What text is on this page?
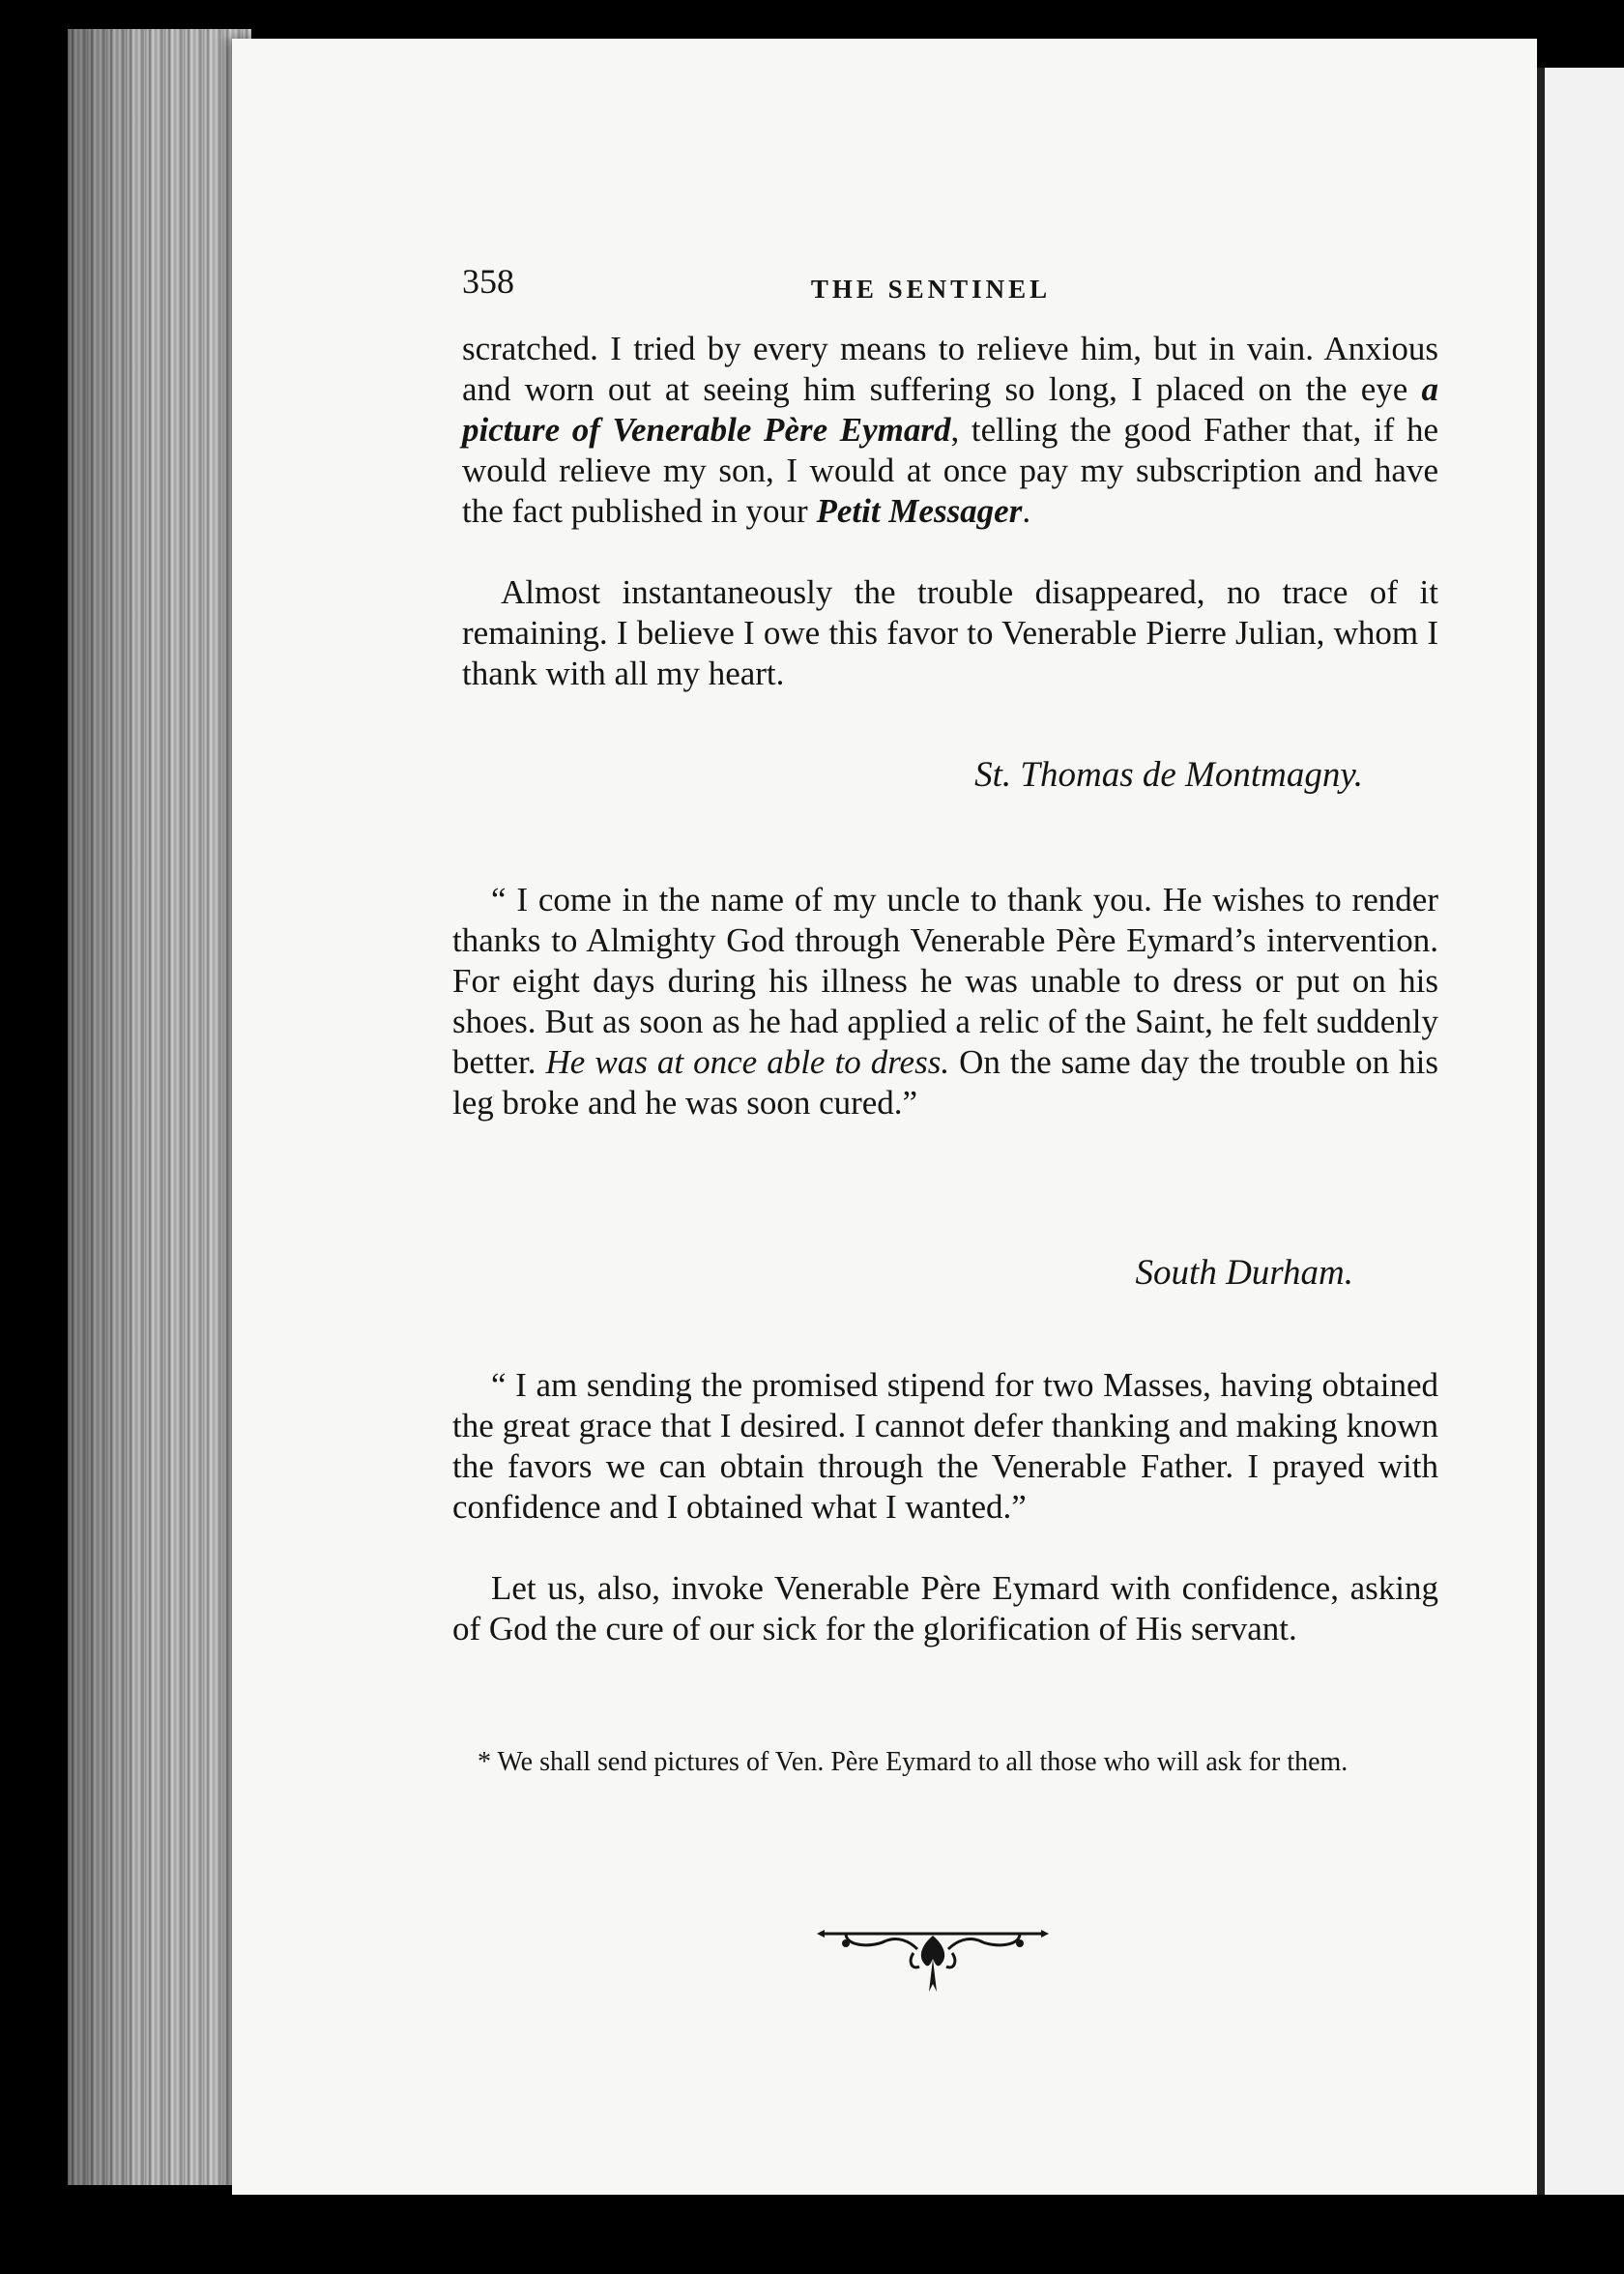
358	THE SENTINEL

scratched. I tried by every means to relieve him, but in vain. Anxious and worn out at seeing him suffering so long, I placed on the eye a picture of Venerable Père Eymard, telling the good Father that, if he would relieve my son, I would at once pay my subscription and have the fact published in your Petit Messager.

Almost instantaneously the trouble disappeared, no trace of it remaining. I believe I owe this favor to Venerable Pierre Julian, whom I thank with all my heart.

St. Thomas de Montmagny.

“ I come in the name of my uncle to thank you. He wishes to render thanks to Almighty God through Venerable Père Eymard’s intervention. For eight days during his illness he was unable to dress or put on his shoes. But as soon as he had applied a relic of the Saint, he felt suddenly better. He was at once able to dress. On the same day the trouble on his leg broke and he was soon cured.”

South Durham.

“ I am sending the promised stipend for two Masses, having obtained the great grace that I desired. I cannot defer thanking and making known the favors we can obtain through the Venerable Father. I prayed with confidence and I obtained what I wanted.”

Let us, also, invoke Venerable Père Eymard with confidence, asking of God the cure of our sick for the glorification of His servant.

* We shall send pictures of Ven. Père Eymard to all those who will ask for them.
